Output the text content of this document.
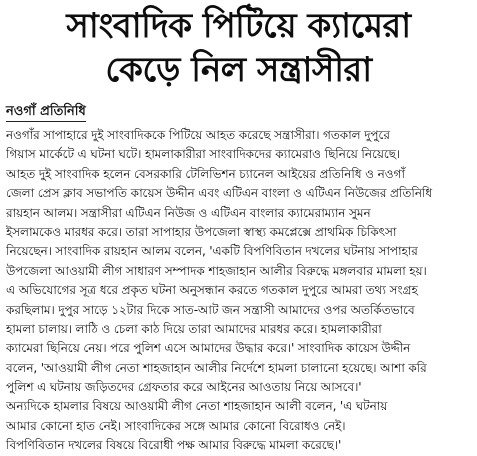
সাংবাদিক পিটিয়ে ক্যামেরা
কেড়ে নিল সন্ত্রাসীরা
নওগাঁ প্রতিনিধি
নওগাঁর সাপাহারে দুই সাংবাদিককে পিটিয়ে আহত করেছে সন্ত্রাসীরা। গতকাল দুপুরে
গিয়াস মার্কেটে এ ঘটনা ঘটে। হামলাকারীরা সাংবাদিকদের ক্যামেরাও ছিনিয়ে নিয়েছে।
আহত দুই সাংবাদিক হলেন বেসরকারি টেলিভিশন চ্যানেল আইয়ের প্রতিনিধি ও নওগাঁ
জেলা প্রেস ক্লাব সভাপতি কায়েস উদ্দীন এবং এটিএন বাংলা ও এটিএন নিউজের প্রতিনিধি
রায়হান আলম। সন্ত্রাসীরা এটিএন নিউজ ও এটিএন বাংলার ক্যামেরাম্যান সুমন
ইসলামকেও মারধর করে। তারা সাপাহার উপজেলা স্বাস্থ্য কমপ্লেক্সে প্রাথমিক চিকিৎসা
নিয়েছেন। সাংবাদিক রায়হান আলম বলেন, 'একটি বিপণিবিতান দখলের ঘটনায় সাপাহার
উপজেলা আওয়ামী লীগ সাধারণ সম্পাদক শাহজাহান আলীর বিরুদ্ধে মঙ্গলবার মামলা হয়।
এ অভিযোগের সূত্র ধরে প্রকৃত ঘটনা অনুসন্ধান করতে গতকাল দুপুরে আমরা তথ্য সংগ্রহ
করছিলাম। দুপুর সাড়ে ১২টার দিকে সাত-আট জন সন্ত্রাসী আমাদের ওপর অতর্কিতভাবে
হামলা চালায়। লাঠি ও চেলা কাঠ দিয়ে তারা আমাদের মারধর করে। হামলাকারীরা
ক্যামেরা ছিনিয়ে নেয়। পরে পুলিশ এসে আমাদের উদ্ধার করে।' সাংবাদিক কায়েস উদ্দীন
বলেন, 'আওয়ামী লীগ নেতা শাহজাহান আলীর নির্দেশে হামলা চালানো হয়েছে। আশা করি
পুলিশ এ ঘটনায় জড়িতদের গ্রেফতার করে আইনের আওতায় নিয়ে আসবে।'
অন্যদিকে হামলার বিষয়ে আওয়ামী লীগ নেতা শাহজাহান আলী বলেন, 'এ ঘটনায়
আমার কোনো হাত নেই। সাংবাদিকের সঙ্গে আমার কোনো বিরোধও নেই।
বিপণিবিতান দখলের বিষয়ে বিরোধী পক্ষ আমার বিরুদ্ধে মামলা করেছে।'
